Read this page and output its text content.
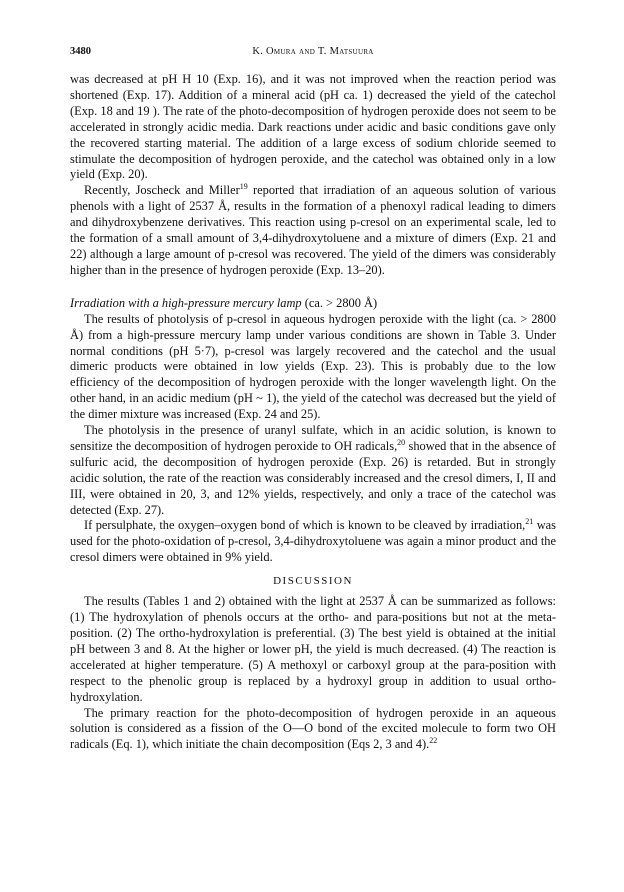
3480	K. Omura and T. Matsuura

was decreased at pH H 10 (Exp. 16), and it was not improved when the reaction period was shortened (Exp. 17). Addition of a mineral acid (pH ca. 1) decreased the yield of the catechol (Exp. 18 and 19 ). The rate of the photo-decomposition of hydrogen peroxide does not seem to be accelerated in strongly acidic media. Dark reactions under acidic and basic conditions gave only the recovered starting material. The addition of a large excess of sodium chloride seemed to stimulate the decomposition of hydrogen peroxide, and the catechol was obtained only in a low yield (Exp. 20).

Recently, Joscheck and Miller$^{19}$ reported that irradiation of an aqueous solution of various phenols with a light of 2537 Å, results in the formation of a phenoxyl radical leading to dimers and dihydroxybenzene derivatives. This reaction using p-cresol on an experimental scale, led to the formation of a small amount of 3,4-dihydroxytoluene and a mixture of dimers (Exp. 21 and 22) although a large amount of p-cresol was recovered. The yield of the dimers was considerably higher than in the presence of hydrogen peroxide (Exp. 13–20).

Irradiation with a high-pressure mercury lamp (ca. > 2800 Å)

The results of photolysis of p-cresol in aqueous hydrogen peroxide with the light (ca. > 2800 Å) from a high-pressure mercury lamp under various conditions are shown in Table 3. Under normal conditions (pH 5·7), p-cresol was largely recovered and the catechol and the usual dimeric products were obtained in low yields (Exp. 23). This is probably due to the low efficiency of the decomposition of hydrogen peroxide with the longer wavelength light. On the other hand, in an acidic medium (pH ~ 1), the yield of the catechol was decreased but the yield of the dimer mixture was increased (Exp. 24 and 25).

The photolysis in the presence of uranyl sulfate, which in an acidic solution, is known to sensitize the decomposition of hydrogen peroxide to OH radicals,$^{20}$ showed that in the absence of sulfuric acid, the decomposition of hydrogen peroxide (Exp. 26) is retarded. But in strongly acidic solution, the rate of the reaction was considerably increased and the cresol dimers, I, II and III, were obtained in 20, 3, and 12% yields, respectively, and only a trace of the catechol was detected (Exp. 27).

If persulphate, the oxygen–oxygen bond of which is known to be cleaved by irradiation,$^{21}$ was used for the photo-oxidation of p-cresol, 3,4-dihydroxytoluene was again a minor product and the cresol dimers were obtained in 9% yield.

DISCUSSION

The results (Tables 1 and 2) obtained with the light at 2537 Å can be summarized as follows: (1) The hydroxylation of phenols occurs at the ortho- and para-positions but not at the meta-position. (2) The ortho-hydroxylation is preferential. (3) The best yield is obtained at the initial pH between 3 and 8. At the higher or lower pH, the yield is much decreased. (4) The reaction is accelerated at higher temperature. (5) A methoxyl or carboxyl group at the para-position with respect to the phenolic group is replaced by a hydroxyl group in addition to usual ortho-hydroxylation.

The primary reaction for the photo-decomposition of hydrogen peroxide in an aqueous solution is considered as a fission of the O—O bond of the excited molecule to form two OH radicals (Eq. 1), which initiate the chain decomposition (Eqs 2, 3 and 4).$^{22}$
